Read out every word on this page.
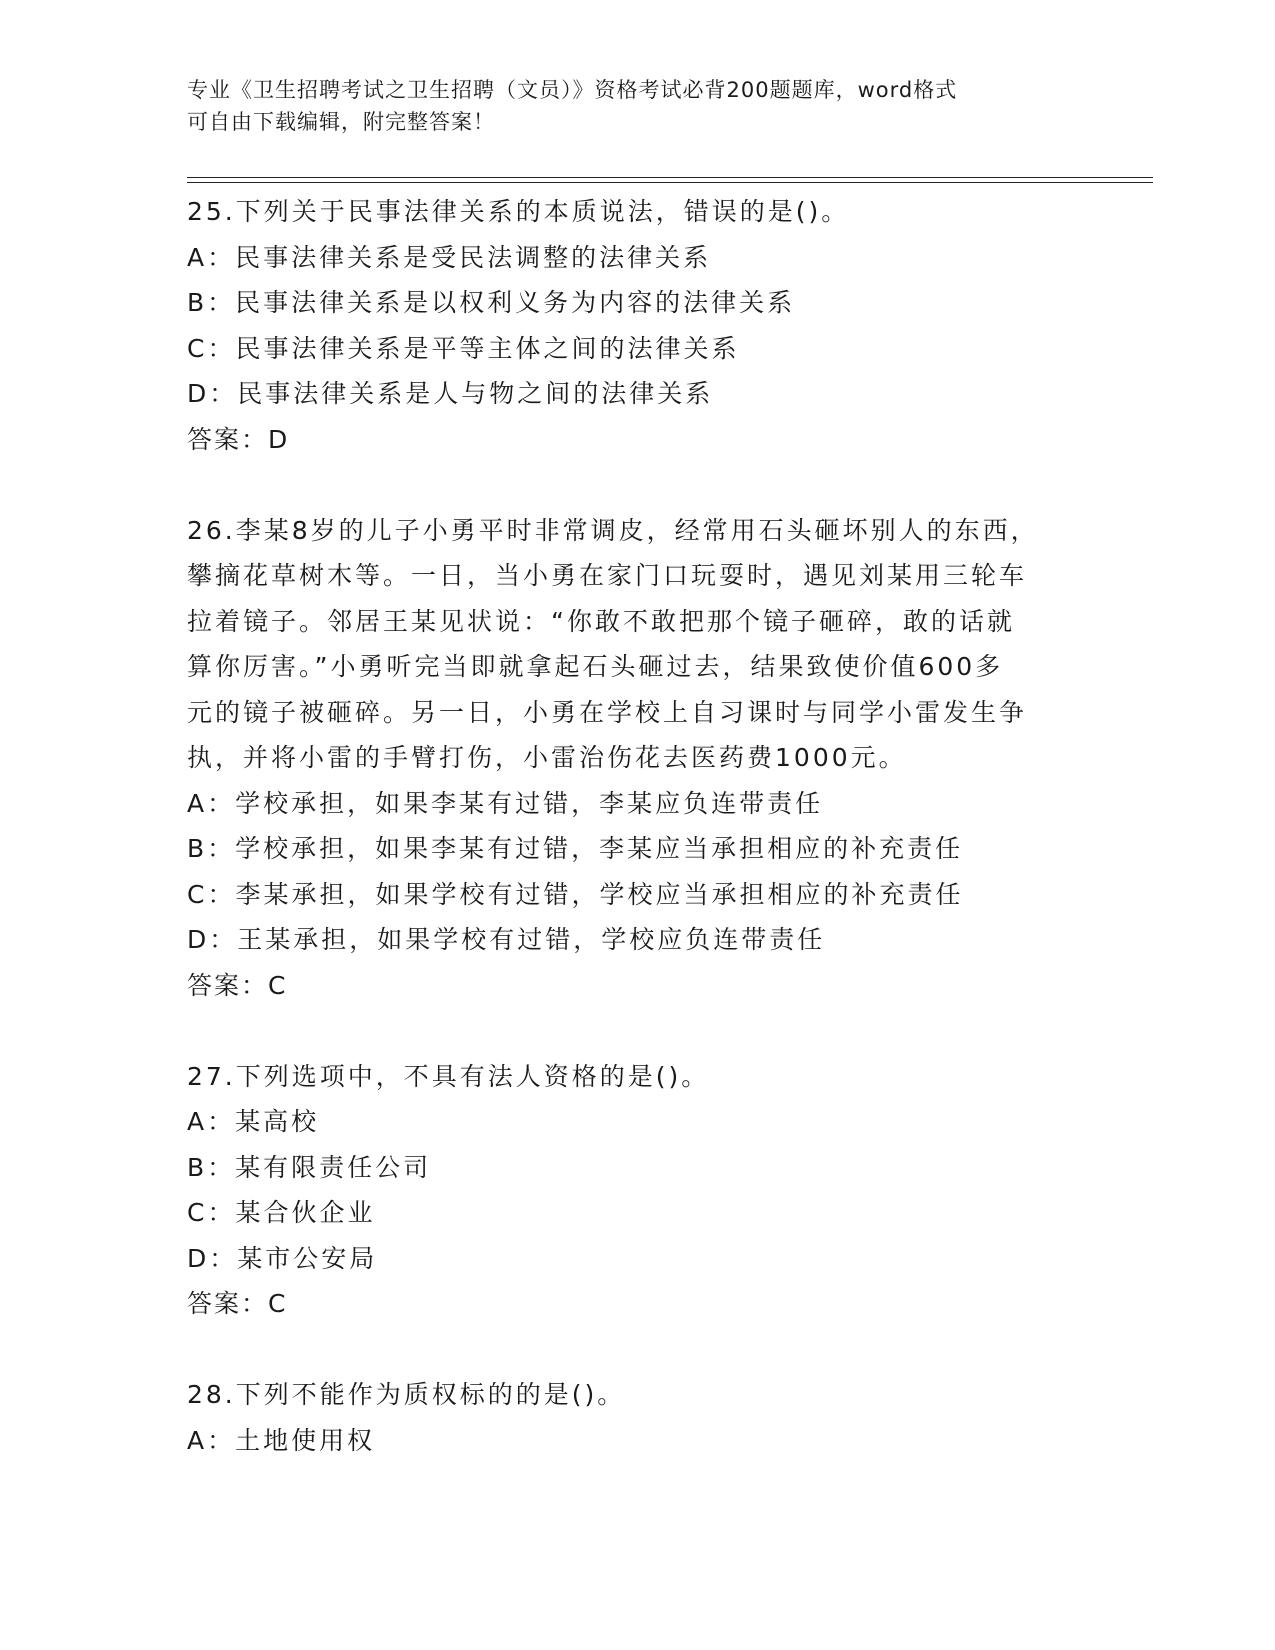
专业《卫生招聘考试之卫生招聘（文员）》资格考试必背200题题库，word格式
可自由下载编辑，附完整答案！
25.下列关于民事法律关系的本质说法，错误的是()。
A：民事法律关系是受民法调整的法律关系
B：民事法律关系是以权利义务为内容的法律关系
C：民事法律关系是平等主体之间的法律关系
D：民事法律关系是人与物之间的法律关系
答案：D
26.李某8岁的儿子小勇平时非常调皮，经常用石头砸坏别人的东西，
攀摘花草树木等。一日，当小勇在家门口玩耍时，遇见刘某用三轮车
拉着镜子。邻居王某见状说：“你敢不敢把那个镜子砸碎，敢的话就
算你厉害。”小勇听完当即就拿起石头砸过去，结果致使价值600多
元的镜子被砸碎。另一日，小勇在学校上自习课时与同学小雷发生争
执，并将小雷的手臂打伤，小雷治伤花去医药费1000元。
A：学校承担，如果李某有过错，李某应负连带责任
B：学校承担，如果李某有过错，李某应当承担相应的补充责任
C：李某承担，如果学校有过错，学校应当承担相应的补充责任
D：王某承担，如果学校有过错，学校应负连带责任
答案：C
27.下列选项中，不具有法人资格的是()。
A：某高校
B：某有限责任公司
C：某合伙企业
D：某市公安局
答案：C
28.下列不能作为质权标的的是()。
A：土地使用权
